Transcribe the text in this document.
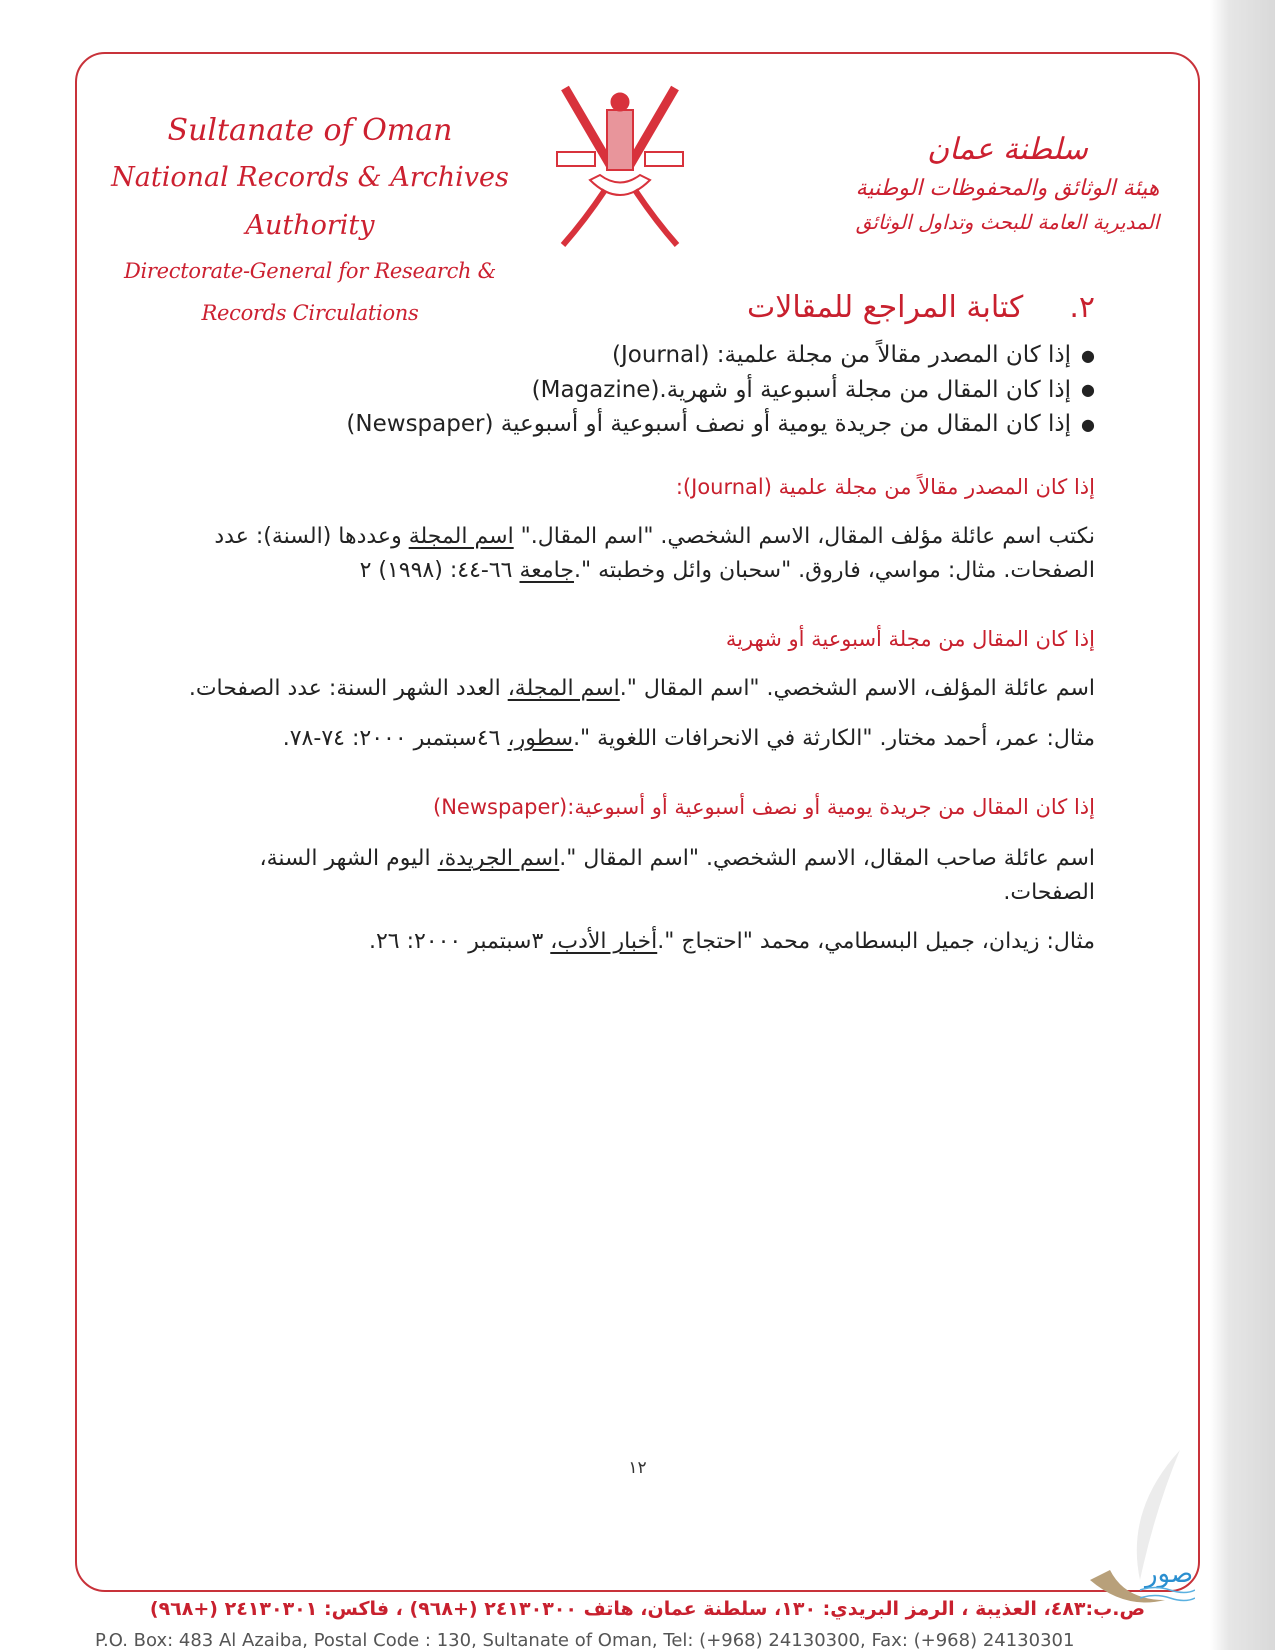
Sultanate of Oman
National Records & Archives Authority
Directorate-General for Research & Records Circulations
سلطنة عمان
هيئة الوثائق والمحفوظات الوطنية
المديرية العامة للبحث وتداول الوثائق
٢.كتابة المراجع للمقالات
●إذا كان المصدر مقالاً من مجلة علمية: (Journal)
●إذا كان المقال من مجلة أسبوعية أو شهرية.(Magazine)
●إذا كان المقال من جريدة يومية أو نصف أسبوعية أو أسبوعية (Newspaper)
إذا كان المصدر مقالاً من مجلة علمية (Journal):
نكتب اسم عائلة مؤلف المقال، الاسم الشخصي. "اسم المقال." اسم المجلة وعددها (السنة): عدد الصفحات. مثال: مواسي، فاروق. "سحبان وائل وخطبته ".جامعة ٦٦-٤٤: (١٩٩٨) ٢
إذا كان المقال من مجلة أسبوعية أو شهرية
اسم عائلة المؤلف، الاسم الشخصي. "اسم المقال ".اسم المجلة، العدد الشهر السنة: عدد الصفحات.
مثال: عمر، أحمد مختار. "الكارثة في الانحرافات اللغوية ".سطور، ٤٦سبتمبر ٢٠٠٠: ٧٤-٧٨.
إذا كان المقال من جريدة يومية أو نصف أسبوعية أو أسبوعية:(Newspaper)
اسم عائلة صاحب المقال، الاسم الشخصي. "اسم المقال ".اسم الجريدة، اليوم الشهر السنة، الصفحات.
مثال: زيدان، جميل البسطامي، محمد "احتجاج ".أخبار الأدب، ٣سبتمبر ٢٠٠٠: ٢٦.
١٢
صور
ص.ب:٤٨٣، العذيبة ، الرمز البريدي: ١٣٠، سلطنة عمان، هاتف ٢٤١٣٠٣٠٠ (+٩٦٨) ، فاكس: ٢٤١٣٠٣٠١ (+٩٦٨)
P.O. Box: 483 Al Azaiba, Postal Code : 130, Sultanate of Oman, Tel: (+968) 24130300, Fax: (+968) 24130301
